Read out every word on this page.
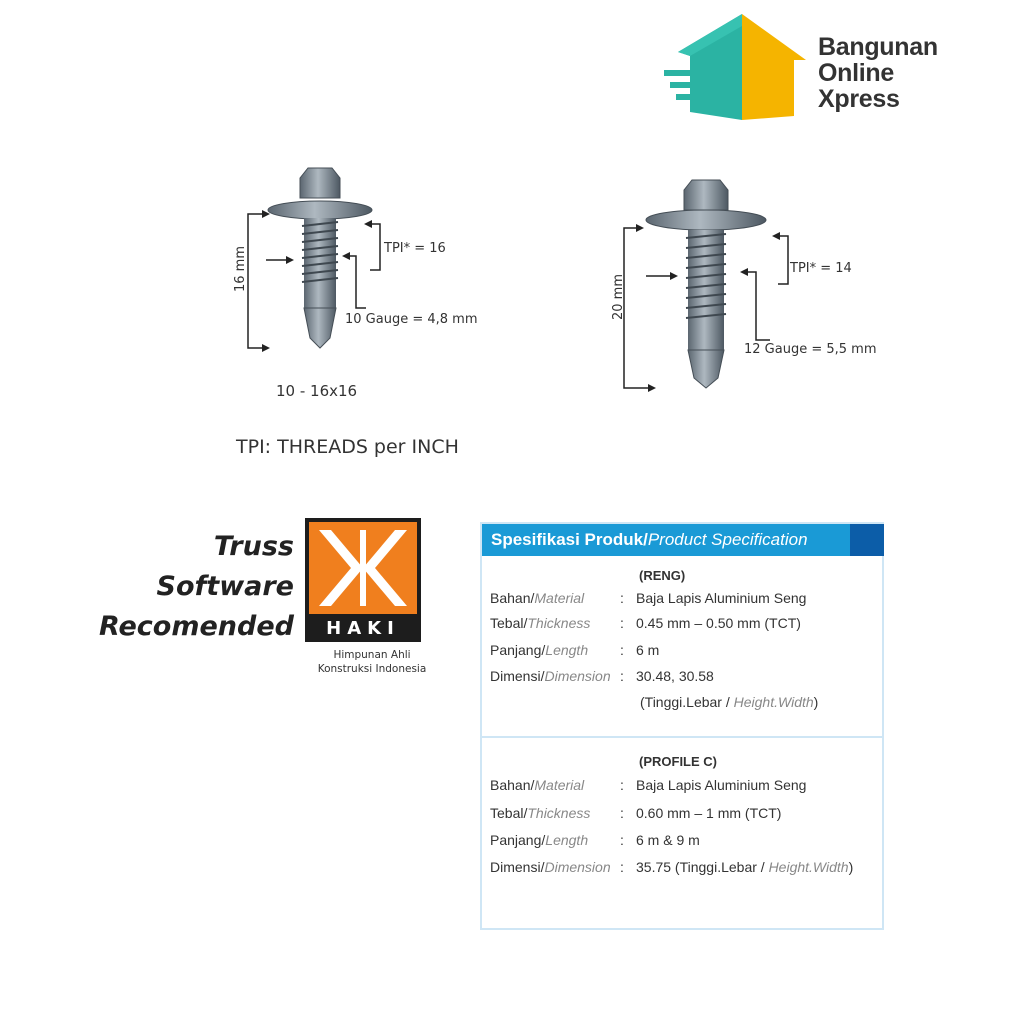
Bangunan
Online
Xpress
16 mm	TPI* = 16
10 Gauge = 4,8 mm
10 - 16x16
20 mm
TPI* = 14
12 Gauge = 5,5 mm
TPI: THREADS per INCH
Truss
Software
Recomended	HAKI
Himpunan Ahli
Konstruksi Indonesia
Spesifikasi Produk/Product Specification
(RENG)
Bahan/Material	: Baja Lapis Aluminium Seng
Tebal/Thickness : 0.45 mm – 0.50 mm (TCT)
Panjang/Length : 6 m
Dimensi/Dimension : 30.48, 30.58
(Tinggi.Lebar / Height.Width)
(PROFILE C)
Bahan/Material	: Baja Lapis Aluminium Seng
Tebal/Thickness : 0.60 mm – 1 mm (TCT)
Panjang/Length : 6 m & 9 m
Dimensi/Dimension : 35.75 (Tinggi.Lebar / Height.Width)
